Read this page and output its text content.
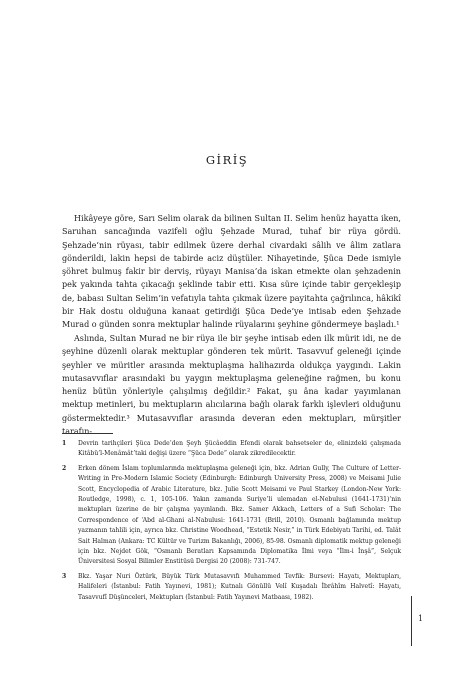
GİRİŞ

Hikâyeye göre, Sarı Selim olarak da bilinen Sultan II. Selim henüz hayatta iken, Saruhan sancağında vazifeli oğlu Şehzade Murad, tuhaf bir rüya gördü. Şehzade’nin rüyası, tabir edilmek üzere derhal civardaki sâlih ve âlim zatlara gönderildi, lakin hepsi de tabirde aciz düştüler. Nihayetinde, Şüca Dede ismiyle şöhret bulmuş fakir bir derviş, rüyayı Manisa’da iskan etmekte olan şehzadenin pek yakında tahta çıkacağı şeklinde tabir etti. Kısa süre içinde tabir gerçekleşip de, babası Sultan Selim’in vefatıyla tahta çıkmak üzere payitahta çağrılınca, hâkikî bir Hak dostu olduğuna kanaat getirdiği Şüca Dede’ye intisab eden Şehzade Murad o günden sonra mektuplar halinde rüyalarını şeyhine göndermeye başladı.¹

Aslında, Sultan Murad ne bir rüya ile bir şeyhe intisab eden ilk mürit idi, ne de şeyhine düzenli olarak mektuplar gönderen tek mürit. Tasavvuf geleneği içinde şeyhler ve müritler arasında mektuplaşma halihazırda oldukça yaygındı. Lakin mutasavvıflar arasındaki bu yaygın mektuplaşma geleneğine rağmen, bu konu henüz bütün yönleriyle çalışılmış değildir.² Fakat, şu âna kadar yayımlanan mektup metinleri, bu mektupların alıcılarına bağlı olarak farklı işlevleri olduğunu göstermektedir.³ Mutasavvıflar arasında deveran eden mektupları, mürşitler tarafın-

1 Devrin tarihçileri Şüca Dede’den Şeyh Şücâeddin Efendi olarak bahsetseler de, elinizdeki çalışmada Kitâbü’l-Menâmât’taki değişi üzere “Şüca Dede” olarak zikredilecektir.
2 Erken dönem İslam toplumlarında mektuplaşma geleneği için, bkz. Adrian Gully, The Culture of Letter-Writing in Pre-Modern Islamic Society (Edinburgh: Edinburgh University Press, 2008) ve Meisami Julie Scott, Encyclopedia of Arabic Literature, bkz. Julie Scott Meisami ve Paul Starkey (London-New York: Routledge, 1998), c. 1, 105-106. Yakın zamanda Suriye’li ulemadan el-Nebulusi (1641-1731)’nin mektupları üzerine de bir çalışma yayınlandı. Bkz. Samer Akkach, Letters of a Sufi Scholar: The Correspondence of ‘Abd al-Ghani al-Nabulusi: 1641-1731 (Brill, 2010). Osmanlı bağlamında mektup yazmanın tahlili için, ayrıca bkz. Christine Woodhead, “Estetik Nesir,” in Türk Edebiyatı Tarihi, ed. Talât Sait Halman (Ankara: TC Kültür ve Turizm Bakanlığı, 2006), 85-98. Osmanlı diplomatik mektup geleneği için bkz. Nejdet Gök, “Osmanlı Beratları Kapsamında Diplomatika İlmi veya “İlm-i İnşâ”, Selçuk Üniversitesi Sosyal Bilimler Enstitüsü Dergisi 20 (2008): 731-747.
3 Bkz. Yaşar Nuri Öztürk, Büyük Türk Mutasavvıfı Muhammed Tevfik: Bursevi: Hayatı, Mektupları, Halifeleri (İstanbul: Fatih Yayınevi, 1981); Kutnalı Gönüllü Velî Kuşadalı İbrâhîm Halvetî: Hayatı, Tasavvufî Düşünceleri, Mektupları (İstanbul: Fatih Yayınevi Matbaası, 1982).
1
